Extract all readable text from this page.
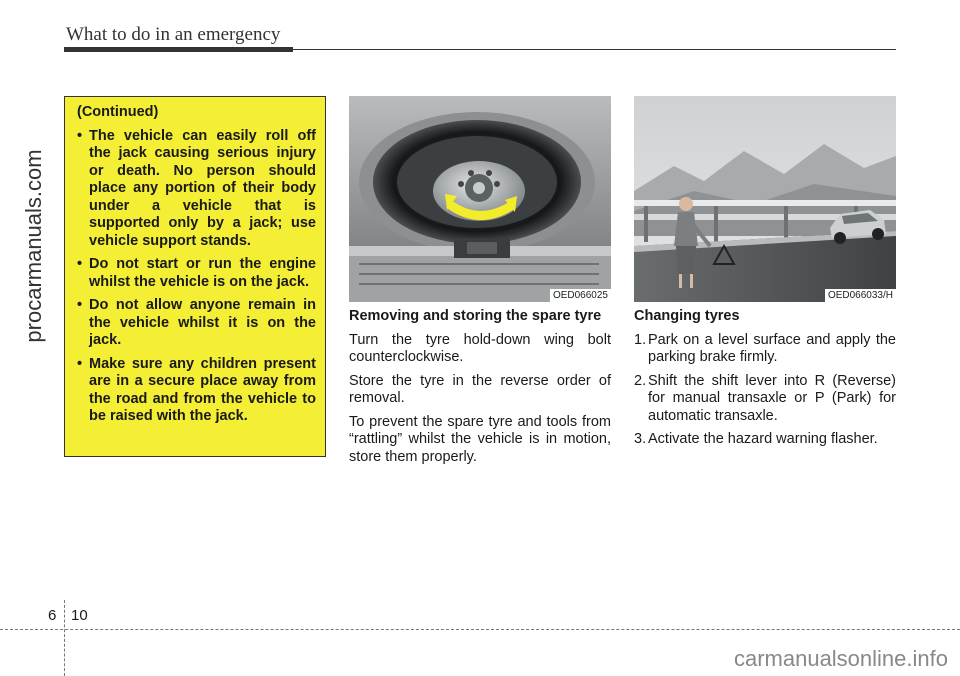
What to do in an emergency
procarmanuals.com
(Continued)
• The vehicle can easily roll off the jack causing serious injury or death. No person should place any portion of their body under a vehicle that is supported only by a jack; use vehicle support stands.
• Do not start or run the engine whilst the vehicle is on the jack.
• Do not allow anyone remain in the vehicle whilst it is on the jack.
• Make sure any children present are in a secure place away from the road and from the vehicle to be raised with the jack.
OED066025	OED066033/H
Removing and storing the spare tyre
Turn the tyre hold-down wing bolt counterclockwise.
Store the tyre in the reverse order of removal.
To prevent the spare tyre and tools from “rattling” whilst the vehicle is in motion, store them properly.
Changing tyres
1. Park on a level surface and apply the parking brake firmly.
2. Shift the shift lever into R (Reverse) for manual transaxle or P (Park) for automatic transaxle.
3. Activate the hazard warning flasher.
6 10
carmanualsonline.info
